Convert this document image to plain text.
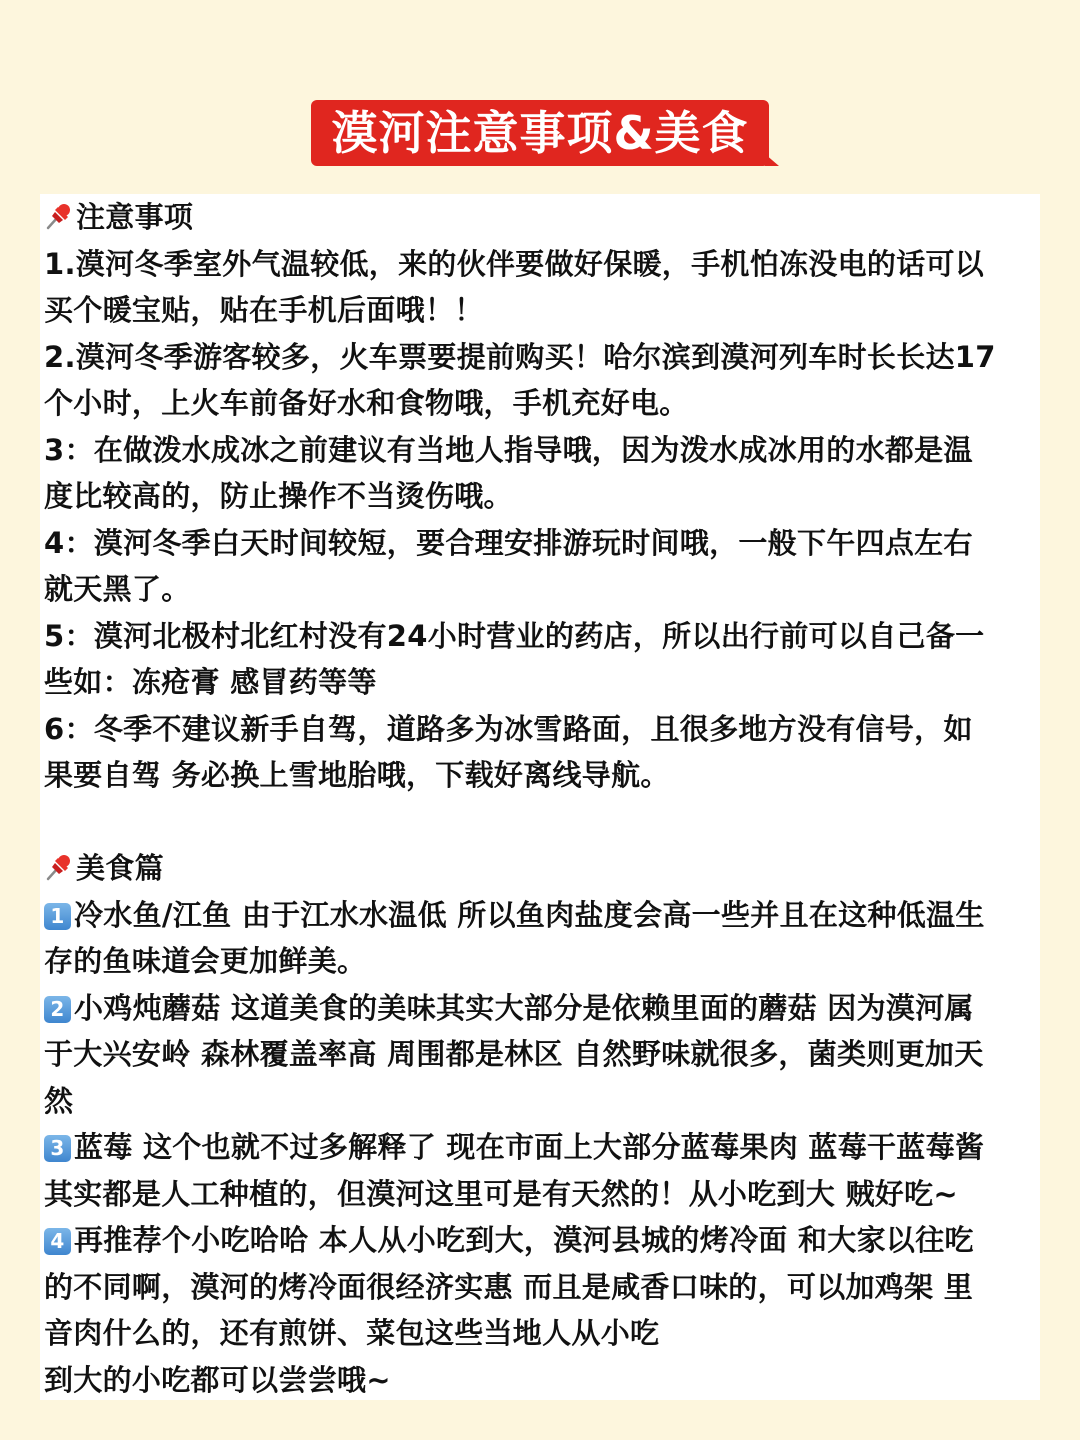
漠河注意事项&美食
注意事项
1.漠河冬季室外气温较低，来的伙伴要做好保暖，手机怕冻没电的话可以
买个暖宝贴，贴在手机后面哦！！
2.漠河冬季游客较多，火车票要提前购买！哈尔滨到漠河列车时长长达17
个小时，上火车前备好水和食物哦，手机充好电。
3：在做泼水成冰之前建议有当地人指导哦，因为泼水成冰用的水都是温
度比较高的，防止操作不当烫伤哦。
4：漠河冬季白天时间较短，要合理安排游玩时间哦，一般下午四点左右
就天黑了。
5：漠河北极村北红村没有24小时营业的药店，所以出行前可以自己备一
些如：冻疮膏 感冒药等等
6：冬季不建议新手自驾，道路多为冰雪路面，且很多地方没有信号，如
果要自驾 务必换上雪地胎哦，下载好离线导航。
美食篇
1 冷水鱼/江鱼 由于江水水温低 所以鱼肉盐度会高一些并且在这种低温生
存的鱼味道会更加鲜美。
2 小鸡炖蘑菇 这道美食的美味其实大部分是依赖里面的蘑菇 因为漠河属
于大兴安岭 森林覆盖率高 周围都是林区 自然野味就很多，菌类则更加天
然
3 蓝莓 这个也就不过多解释了 现在市面上大部分蓝莓果肉 蓝莓干蓝莓酱
其实都是人工种植的，但漠河这里可是有天然的！从小吃到大 贼好吃~
4 再推荐个小吃哈哈 本人从小吃到大，漠河县城的烤冷面 和大家以往吃
的不同啊，漠河的烤冷面很经济实惠 而且是咸香口味的，可以加鸡架 里
音肉什么的，还有煎饼、菜包这些当地人从小吃
到大的小吃都可以尝尝哦~
